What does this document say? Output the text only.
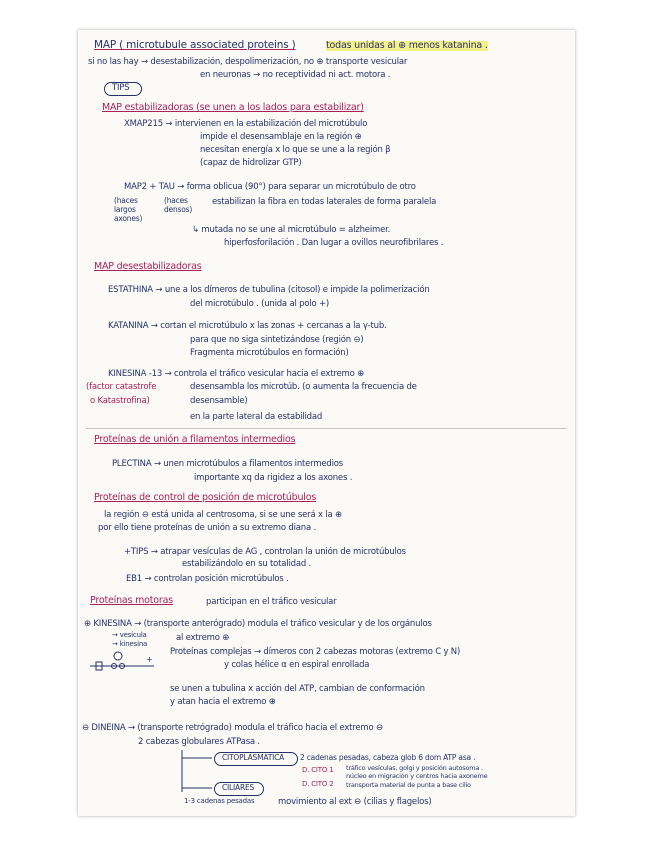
MAP ( microtubule associated proteins )	todas unidas al ⊕ menos katanina .
si no las hay → desestabilización, despolimerización, no ⊕ transporte vesicular
en neuronas → no receptividad ni act. motora .
TIPS
MAP estabilizadoras (se unen a los lados para estabilizar)
XMAP215 → intervienen en la estabilización del microtúbulo
impide el desensamblaje en la región ⊕
necesitan energía x lo que se une a la región β
(capaz de hidrolizar GTP)
MAP2 + TAU → forma oblicua (90°) para separar un microtúbulo de otro
(haces largos axones)
(haces densos)
estabilizan la fibra en todas laterales de forma paralela
↳ mutada no se une al microtúbulo = alzheimer.
hiperfosforilación . Dan lugar a ovillos neurofibrilares .
MAP desestabilizadoras
ESTATHINA → une a los dímeros de tubulina (citosol) e impide la polimerización
del microtúbulo . (unida al polo +)
KATANINA → cortan el microtúbulo x las zonas + cercanas a la γ-tub.
para que no siga sintetizándose (región ⊖)
Fragmenta microtúbulos en formación)
KINESINA -13 → controla el tráfico vesicular hacia el extremo ⊕
(factor catastrofe	desensambla los microtúb. (o aumenta la frecuencia de
o Katastrofina)	desensamble)
en la parte lateral da estabilidad
Proteínas de unión a filamentos intermedios
PLECTINA → unen microtúbulos a filamentos intermedios
importante xq da rigidez a los axones .
Proteínas de control de posición de microtúbulos
la región ⊖ está unida al centrosoma, si se une será x la ⊕
por ello tiene proteínas de unión a su extremo diana .
+TIPS → atrapar vesículas de AG , controlan la unión de microtúbulos
estabilizándolo en su totalidad .
EB1 → controlan posición microtúbulos .
Proteínas motoras	participan en el tráfico vesicular
⊕ KINESINA → (transporte anterógrado) modula el tráfico vesicular y de los orgánulos
→ vesícula
→ kinesina
al extremo ⊕
+
Proteínas complejas → dímeros con 2 cabezas motoras (extremo C y N)
y colas hélice α en espiral enrollada
se unen a tubulina x acción del ATP, cambian de conformación
y atan hacia el extremo ⊕
⊖ DINEINA → (transporte retrógrado) modula el tráfico hacia el extremo ⊖
2 cabezas globulares ATPasa .
CITOPLASMATICA 2 cadenas pesadas, cabeza glob 6 dom ATP asa .
D. CITO 1 tráfico vesículas, golgi y posición autosoma .
núcleo en migración y centros hacia axoneme
D. CITO 2 transporta material de punta a base cilio
CILIARES
1-3 cadenas pesadas	movimiento al ext ⊖ (cilias y flagelos)
